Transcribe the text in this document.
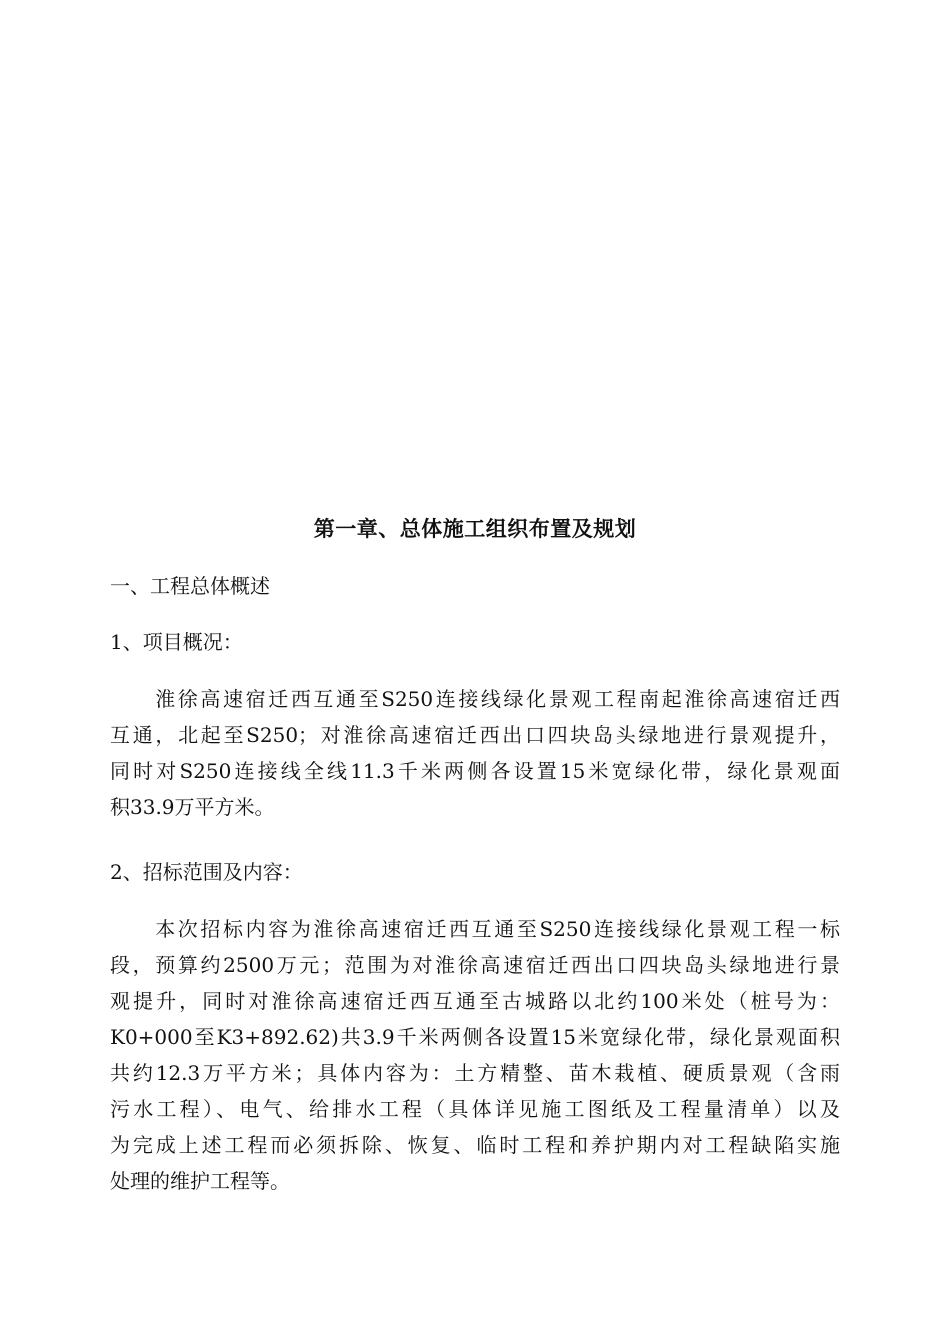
第一章、总体施工组织布置及规划
一、工程总体概述
1、项目概况：
　　淮徐高速宿迁西互通至S250连接线绿化景观工程南起淮徐高速宿迁西
互通，北起至S250；对淮徐高速宿迁西出口四块岛头绿地进行景观提升，
同时对S250连接线全线11.3千米两侧各设置15米宽绿化带，绿化景观面
积33.9万平方米。
2、招标范围及内容：
　　本次招标内容为淮徐高速宿迁西互通至S250连接线绿化景观工程一标
段，预算约2500万元；范围为对淮徐高速宿迁西出口四块岛头绿地进行景
观提升，同时对淮徐高速宿迁西互通至古城路以北约100米处（桩号为：
K0+000至K3+892.62)共3.9千米两侧各设置15米宽绿化带，绿化景观面积
共约12.3万平方米；具体内容为：土方精整、苗木栽植、硬质景观（含雨
污水工程）、电气、给排水工程（具体详见施工图纸及工程量清单）以及
为完成上述工程而必须拆除、恢复、临时工程和养护期内对工程缺陷实施
处理的维护工程等。
